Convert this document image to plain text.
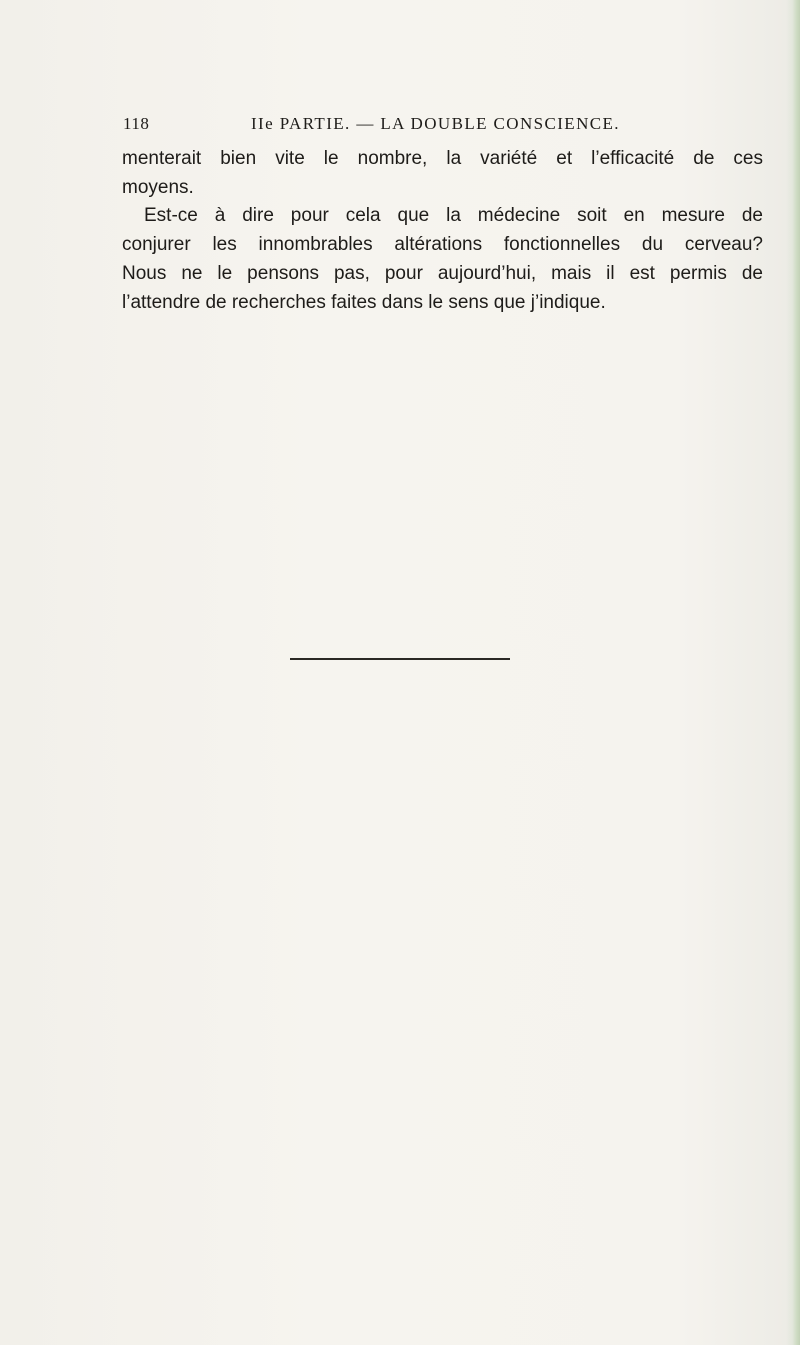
118	IIe PARTIE. — LA DOUBLE CONSCIENCE.
menterait bien vite le nombre, la variété et l’efficacité de ces
moyens.
Est-ce à dire pour cela que la médecine soit en mesure de
conjurer les innombrables altérations fonctionnelles du cerveau?
Nous ne le pensons pas, pour aujourd’hui, mais il est permis de
l’attendre de recherches faites dans le sens que j’indique.
